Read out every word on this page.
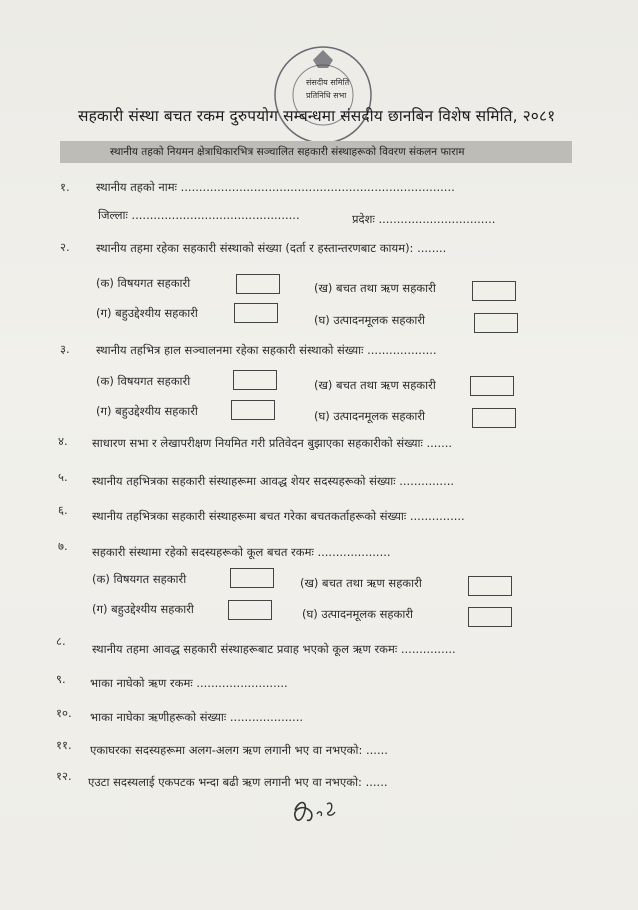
संसदीय समिति
प्रतिनिधि सभा
सहकारी संस्था बचत रकम दुरुपयोग सम्बन्धमा संसदीय छानबिन विशेष समिति, २०८१
स्थानीय तहको नियमन क्षेत्राधिकारभित्र सञ्चालित सहकारी संस्थाहरूको विवरण संकलन फाराम
१. स्थानीय तहको नामः ...........................................................................
जिल्लाः ..............................................	प्रदेशः ................................
२. स्थानीय तहमा रहेका सहकारी संस्थाको संख्या (दर्ता र हस्तान्तरणबाट कायम): ........
(क) विषयगत सहकारी	(ख) बचत तथा ऋण सहकारी
(ग) बहुउद्देश्यीय सहकारी	(घ) उत्पादनमूलक सहकारी
३. स्थानीय तहभित्र हाल सञ्चालनमा रहेका सहकारी संस्थाको संख्याः ...................
(क) विषयगत सहकारी	(ख) बचत तथा ऋण सहकारी
(ग) बहुउद्देश्यीय सहकारी	(घ) उत्पादनमूलक सहकारी
४. साधारण सभा र लेखापरीक्षण नियमित गरी प्रतिवेदन बुझाएका सहकारीको संख्याः .......
५. स्थानीय तहभित्रका सहकारी संस्थाहरूमा आवद्ध शेयर सदस्यहरूको संख्याः ...............
६. स्थानीय तहभित्रका सहकारी संस्थाहरूमा बचत गरेका बचतकर्ताहरूको संख्याः ...............
७. सहकारी संस्थामा रहेको सदस्यहरूको कूल बचत रकमः ....................
(क) विषयगत सहकारी	(ख) बचत तथा ऋण सहकारी
(ग) बहुउद्देश्यीय सहकारी	(घ) उत्पादनमूलक सहकारी
८.
स्थानीय तहमा आवद्ध सहकारी संस्थाहरूबाट प्रवाह भएको कूल ऋण रकमः ...............
९. भाका नाघेको ऋण रकमः .........................
१०. भाका नाघेका ऋणीहरूको संख्याः ....................
११. एकाघरका सदस्यहरूमा अलग-अलग ऋण लगानी भए वा नभएको: ......
१२. एउटा सदस्यलाई एकपटक भन्दा बढी ऋण लगानी भए वा नभएको: ......
